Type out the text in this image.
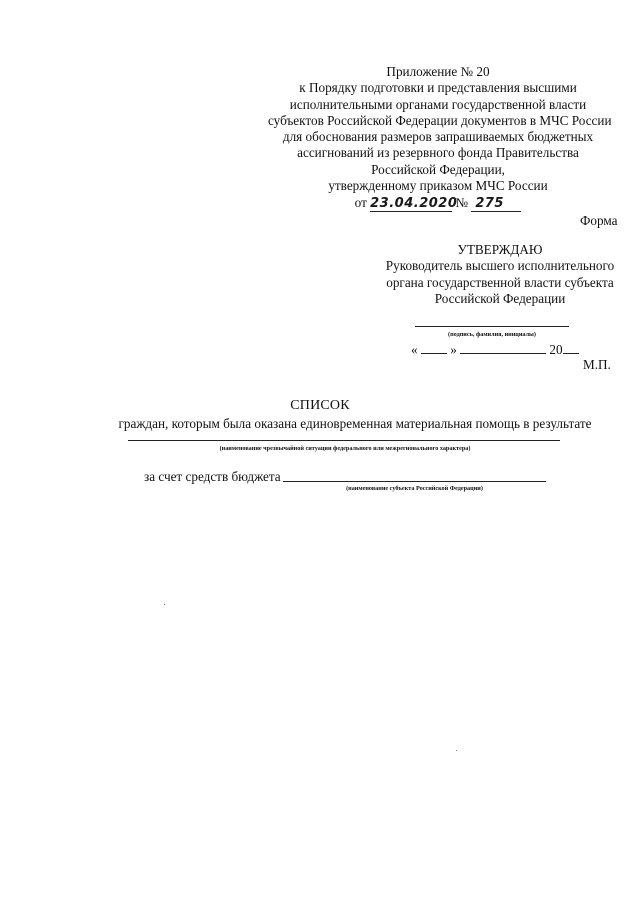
Приложение № 20
к Порядку подготовки и представления высшими
исполнительными органами государственной власти
субъектов Российской Федерации документов в МЧС России
для обоснования размеров запрашиваемых бюджетных
ассигнований из резервного фонда Правительства
Российской Федерации,
утвержденному приказом МЧС России
от 23.04.2020 № 275
Форма
УТВЕРЖДАЮ
Руководитель высшего исполнительного
органа государственной власти субъекта
Российской Федерации
(подпись, фамилия, инициалы)
« »	20
М.П.
СПИСОК
граждан, которым была оказана единовременная материальная помощь в результате
(наименование чрезвычайной ситуации федерального или межрегионального характера)
за счет средств бюджета
(наименование субъекта Российской Федерации)
